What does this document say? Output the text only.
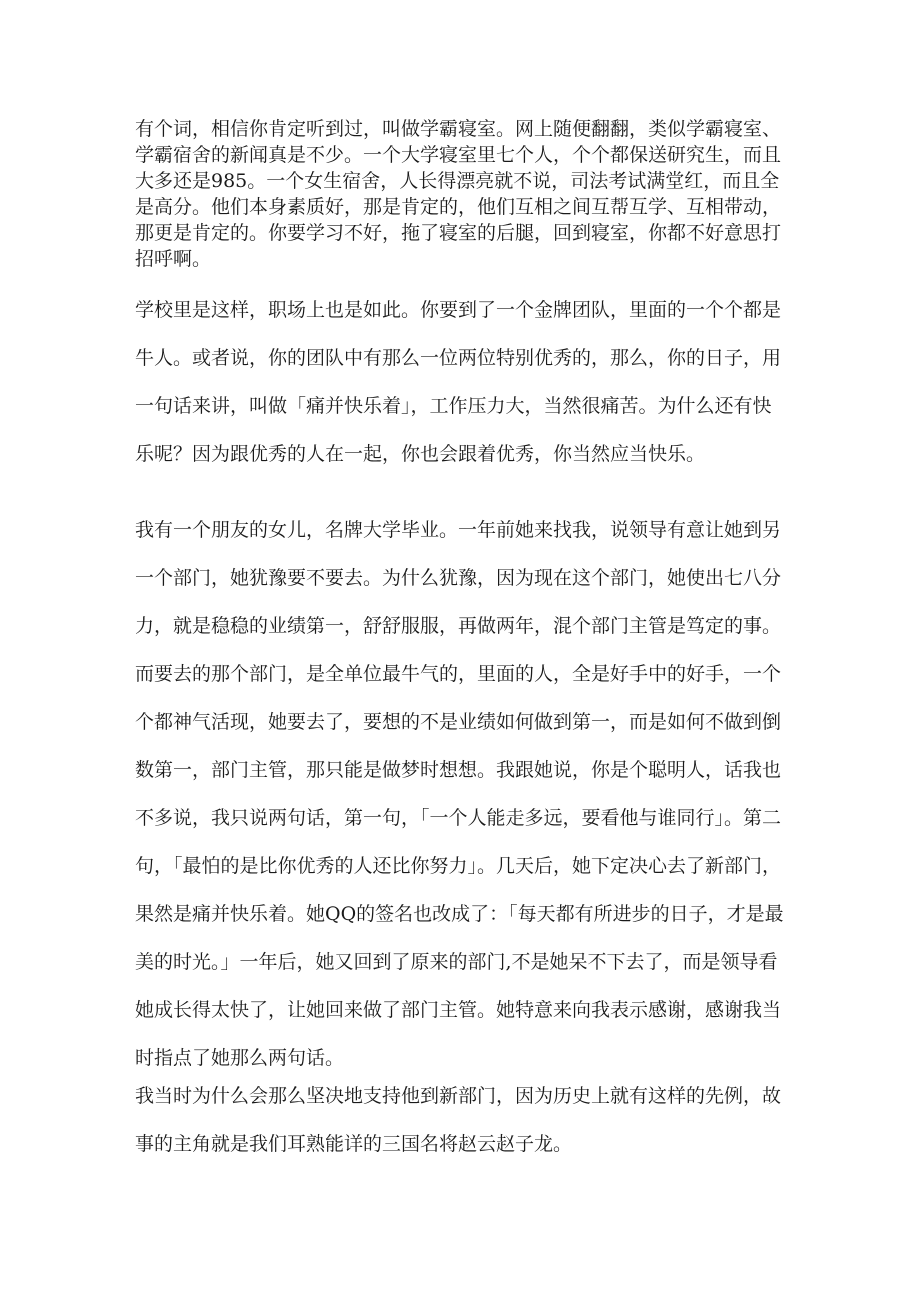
有个词，相信你肯定听到过，叫做学霸寝室。网上随便翻翻，类似学霸寝室、学霸宿舍的新闻真是不少。一个大学寝室里七个人，个个都保送研究生，而且大多还是985。一个女生宿舍，人长得漂亮就不说，司法考试满堂红，而且全是高分。他们本身素质好，那是肯定的，他们互相之间互帮互学、互相带动，那更是肯定的。你要学习不好，拖了寝室的后腿，回到寝室，你都不好意思打招呼啊。

学校里是这样，职场上也是如此。你要到了一个金牌团队，里面的一个个都是牛人。或者说，你的团队中有那么一位两位特别优秀的，那么，你的日子，用一句话来讲，叫做「痛并快乐着」，工作压力大，当然很痛苦。为什么还有快乐呢？因为跟优秀的人在一起，你也会跟着优秀，你当然应当快乐。

我有一个朋友的女儿，名牌大学毕业。一年前她来找我，说领导有意让她到另一个部门，她犹豫要不要去。为什么犹豫，因为现在这个部门，她使出七八分力，就是稳稳的业绩第一，舒舒服服，再做两年，混个部门主管是笃定的事。而要去的那个部门，是全单位最牛气的，里面的人，全是好手中的好手，一个个都神气活现，她要去了，要想的不是业绩如何做到第一，而是如何不做到倒数第一，部门主管，那只能是做梦时想想。我跟她说，你是个聪明人，话我也不多说，我只说两句话，第一句，「一个人能走多远，要看他与谁同行」。第二句，「最怕的是比你优秀的人还比你努力」。几天后，她下定决心去了新部门，果然是痛并快乐着。她QQ的签名也改成了：「每天都有所进步的日子，才是最美的时光。」一年后，她又回到了原来的部门,不是她呆不下去了，而是领导看她成长得太快了，让她回来做了部门主管。她特意来向我表示感谢，感谢我当时指点了她那么两句话。

我当时为什么会那么坚决地支持他到新部门，因为历史上就有这样的先例，故事的主角就是我们耳熟能详的三国名将赵云赵子龙。
